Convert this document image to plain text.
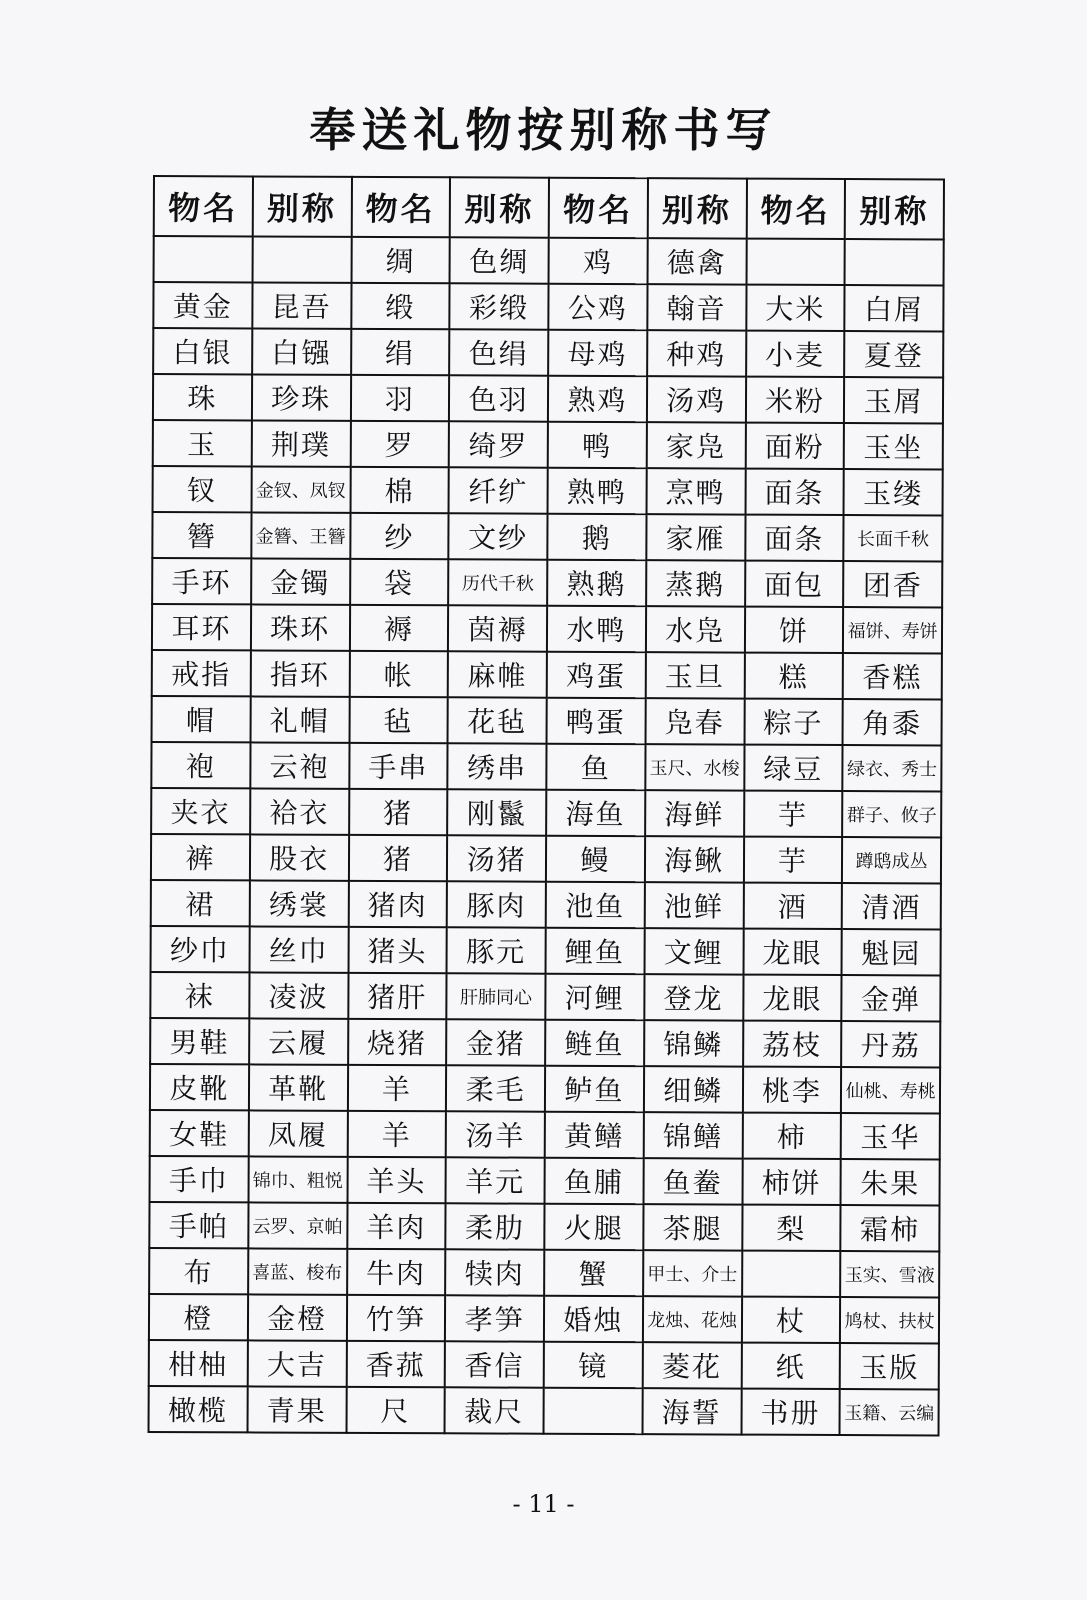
奉送礼物按别称书写
物名	别称	物名	别称	物名	别称	物名	别称
		绸	色绸	鸡	德禽		
黄金	昆吾	缎	彩缎	公鸡	翰音	大米	白屑
白银	白镪	绢	色绢	母鸡	种鸡	小麦	夏登
珠	珍珠	羽	色羽	熟鸡	汤鸡	米粉	玉屑
玉	荆璞	罗	绮罗	鸭	家凫	面粉	玉坐
钗	金钗、凤钗	棉	纤纩	熟鸭	烹鸭	面条	玉缕
簪	金簪、王簪	纱	文纱	鹅	家雁	面条	长面千秋
手环	金镯	袋	历代千秋	熟鹅	蒸鹅	面包	团香
耳环	珠环	褥	茵褥	水鸭	水凫	饼	福饼、寿饼
戒指	指环	帐	麻帷	鸡蛋	玉旦	糕	香糕
帽	礼帽	毡	花毡	鸭蛋	凫春	粽子	角黍
袍	云袍	手串	绣串	鱼	玉尺、水梭	绿豆	绿衣、秀士
夹衣	袷衣	猪	刚鬣	海鱼	海鲜	芋	群子、攸子
裤	股衣	猪	汤猪	鳗	海鳅	芋	蹲鸱成丛
裙	绣裳	猪肉	豚肉	池鱼	池鲜	酒	清酒
纱巾	丝巾	猪头	豚元	鲤鱼	文鲤	龙眼	魁园
袜	凌波	猪肝	肝肺同心	河鲤	登龙	龙眼	金弹
男鞋	云履	烧猪	金猪	鲢鱼	锦鳞	荔枝	丹荔
皮靴	革靴	羊	柔毛	鲈鱼	细鳞	桃李	仙桃、寿桃
女鞋	凤履	羊	汤羊	黄鳝	锦鳝	柿	玉华
手巾	锦巾、粗悦	羊头	羊元	鱼脯	鱼鲞	柿饼	朱果
手帕	云罗、京帕	羊肉	柔肋	火腿	茶腿	梨	霜柿
布	喜蓝、梭布	牛肉	犊肉	蟹	甲士、介士		玉实、雪液
橙	金橙	竹笋	孝笋	婚烛	龙烛、花烛	杖	鸠杖、扶杖
柑柚	大吉	香菰	香信	镜	菱花	纸	玉版
橄榄	青果	尺	裁尺		海誓	书册	玉籍、云编
- 11 -
